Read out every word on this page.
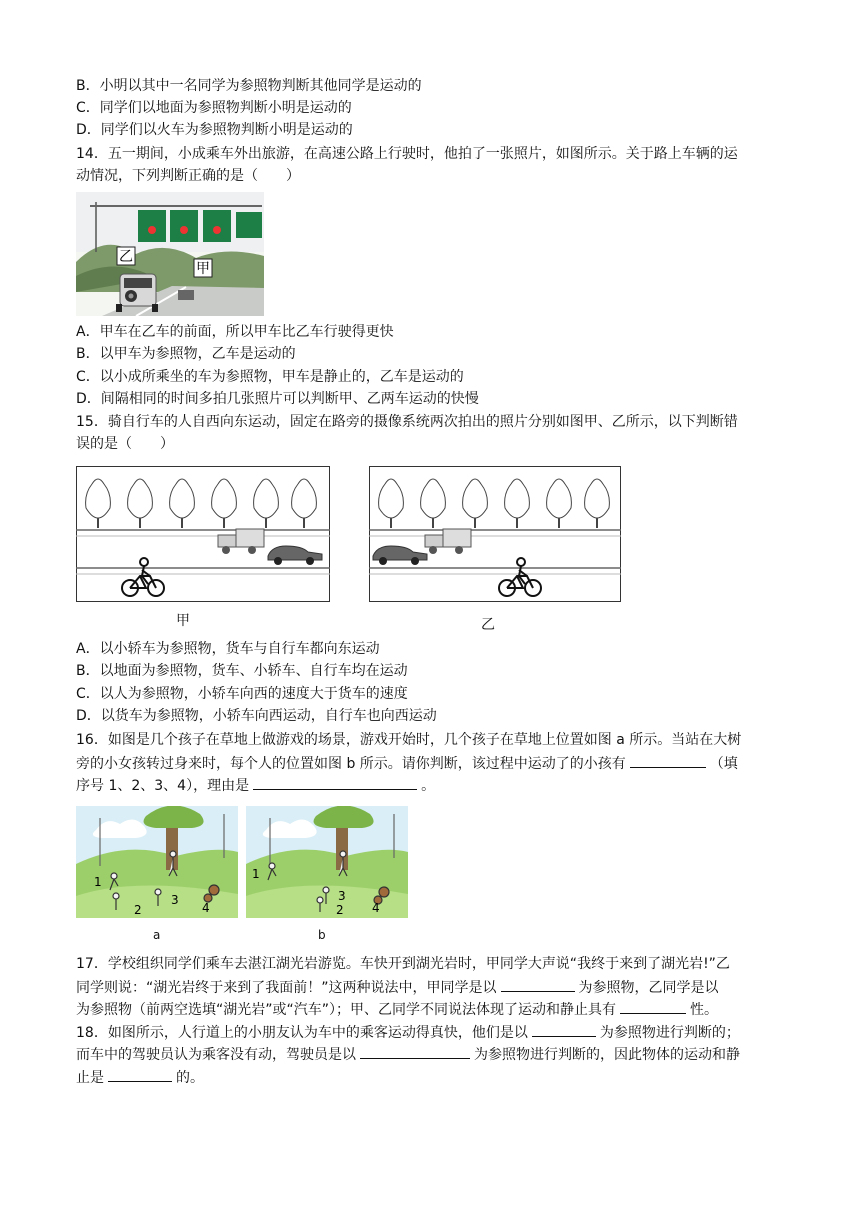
B．小明以其中一名同学为参照物判断其他同学是运动的
C．同学们以地面为参照物判断小明是运动的
D．同学们以火车为参照物判断小明是运动的
14．五一期间，小成乘车外出旅游，在高速公路上行驶时，他拍了一张照片，如图所示。关于路上车辆的运
动情况，下列判断正确的是（　　）
乙
甲
A．甲车在乙车的前面，所以甲车比乙车行驶得更快
B．以甲车为参照物，乙车是运动的
C．以小成所乘坐的车为参照物，甲车是静止的，乙车是运动的
D．间隔相同的时间多拍几张照片可以判断甲、乙两车运动的快慢
15．骑自行车的人自西向东运动，固定在路旁的摄像系统两次拍出的照片分别如图甲、乙所示，以下判断错
误的是（　　）
甲	乙
A．以小轿车为参照物，货车与自行车都向东运动
B．以地面为参照物，货车、小轿车、自行车均在运动
C．以人为参照物，小轿车向西的速度大于货车的速度
D．以货车为参照物，小轿车向西运动，自行车也向西运动
16．如图是几个孩子在草地上做游戏的场景，游戏开始时，几个孩子在草地上位置如图 a 所示。当站在大树
旁的小女孩转过身来时，每个人的位置如图 b 所示。请你判断，该过程中运动了的小孩有	（填
序号 1、2、3、4），理由是	。
1
2
3
4
a
1
2
3
4
b
17．学校组织同学们乘车去湛江湖光岩游览。车快开到湖光岩时，甲同学大声说“我终于来到了湖光岩!”乙
同学则说：“湖光岩终于来到了我面前！”这两种说法中，甲同学是以	为参照物，乙同学是以
为参照物（前两空选填“湖光岩”或“汽车”）；甲、乙同学不同说法体现了运动和静止具有	性。
18．如图所示，人行道上的小朋友认为车中的乘客运动得真快，他们是以	为参照物进行判断的；
而车中的驾驶员认为乘客没有动，驾驶员是以	为参照物进行判断的，因此物体的运动和静
止是	的。
